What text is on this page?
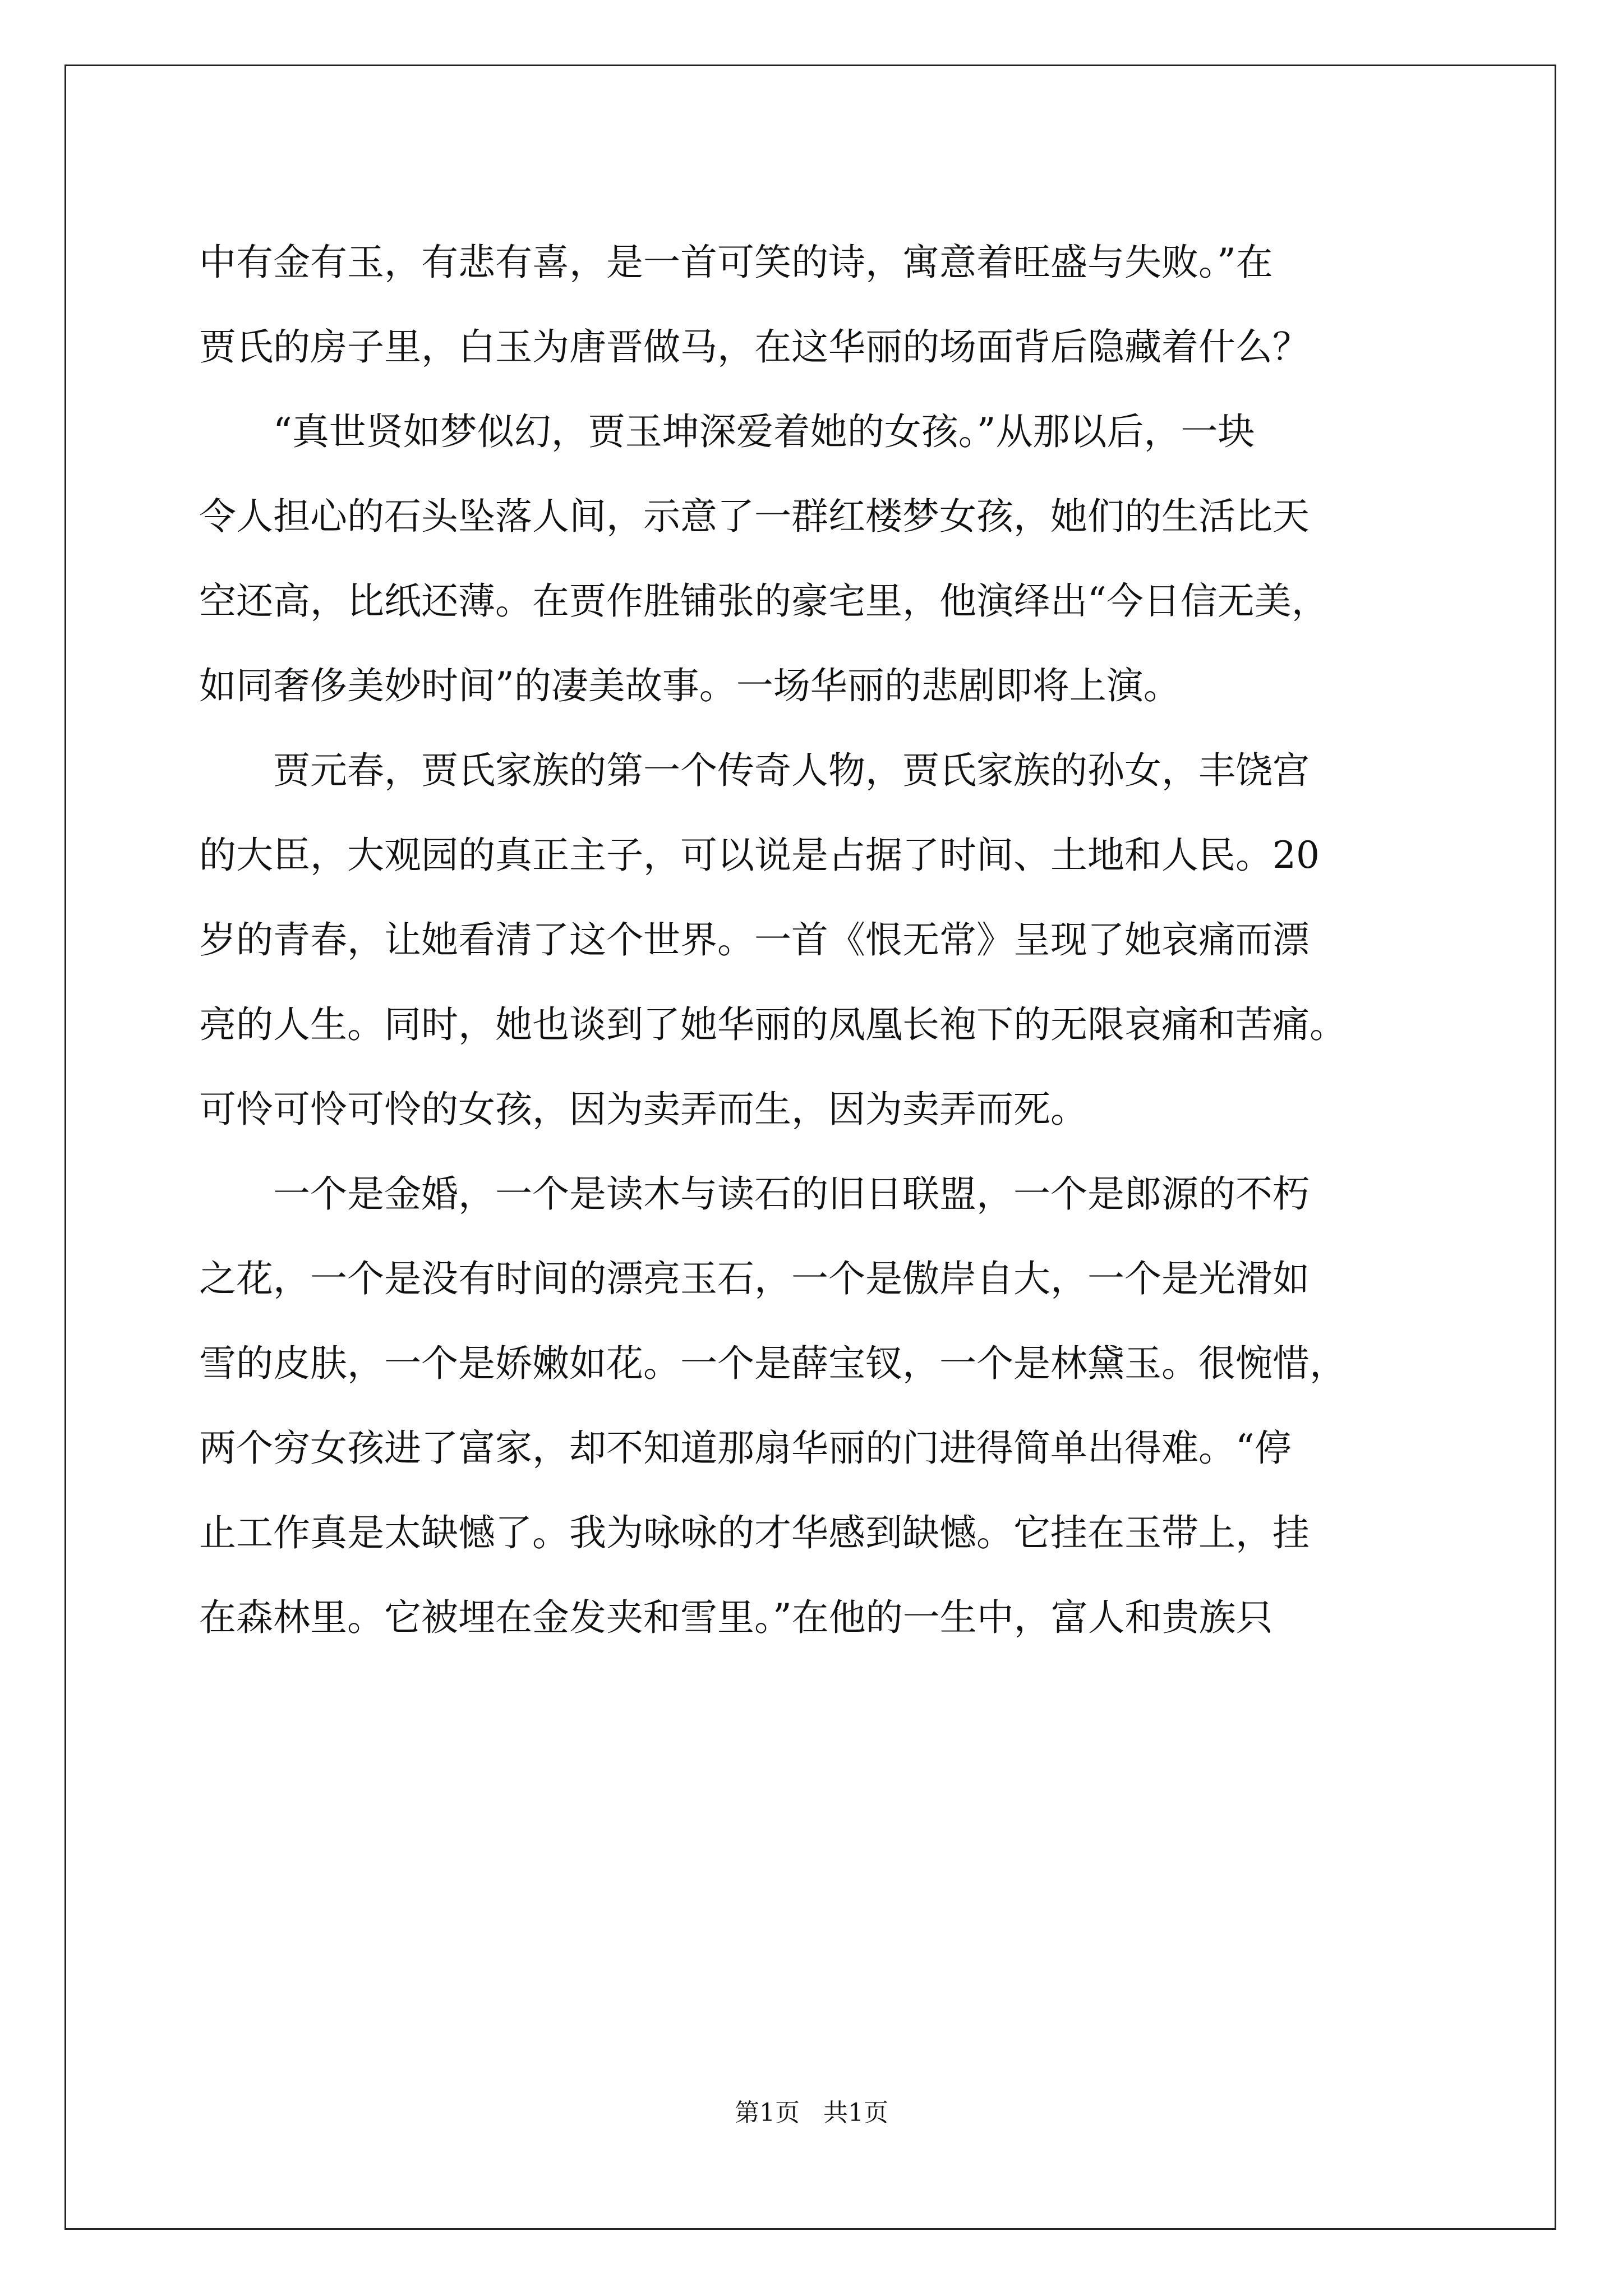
中有金有玉，有悲有喜，是一首可笑的诗，寓意着旺盛与失败。”在
贾氏的房子里，白玉为唐晋做马，在这华丽的场面背后隐藏着什么？
　　“真世贤如梦似幻，贾玉坤深爱着她的女孩。”从那以后，一块
令人担心的石头坠落人间，示意了一群红楼梦女孩，她们的生活比天
空还高，比纸还薄。在贾作胜铺张的豪宅里，他演绎出“今日信无美，
如同奢侈美妙时间”的凄美故事。一场华丽的悲剧即将上演。
　　贾元春，贾氏家族的第一个传奇人物，贾氏家族的孙女，丰饶宫
的大臣，大观园的真正主子，可以说是占据了时间、土地和人民。20
岁的青春，让她看清了这个世界。一首《恨无常》呈现了她哀痛而漂
亮的人生。同时，她也谈到了她华丽的凤凰长袍下的无限哀痛和苦痛。
可怜可怜可怜的女孩，因为卖弄而生，因为卖弄而死。
　　一个是金婚，一个是读木与读石的旧日联盟，一个是郎源的不朽
之花，一个是没有时间的漂亮玉石，一个是傲岸自大，一个是光滑如
雪的皮肤，一个是娇嫩如花。一个是薛宝钗，一个是林黛玉。很惋惜，
两个穷女孩进了富家，却不知道那扇华丽的门进得简单出得难。“停
止工作真是太缺憾了。我为咏咏的才华感到缺憾。它挂在玉带上，挂
在森林里。它被埋在金发夹和雪里。”在他的一生中，富人和贵族只
第1页 共1页
